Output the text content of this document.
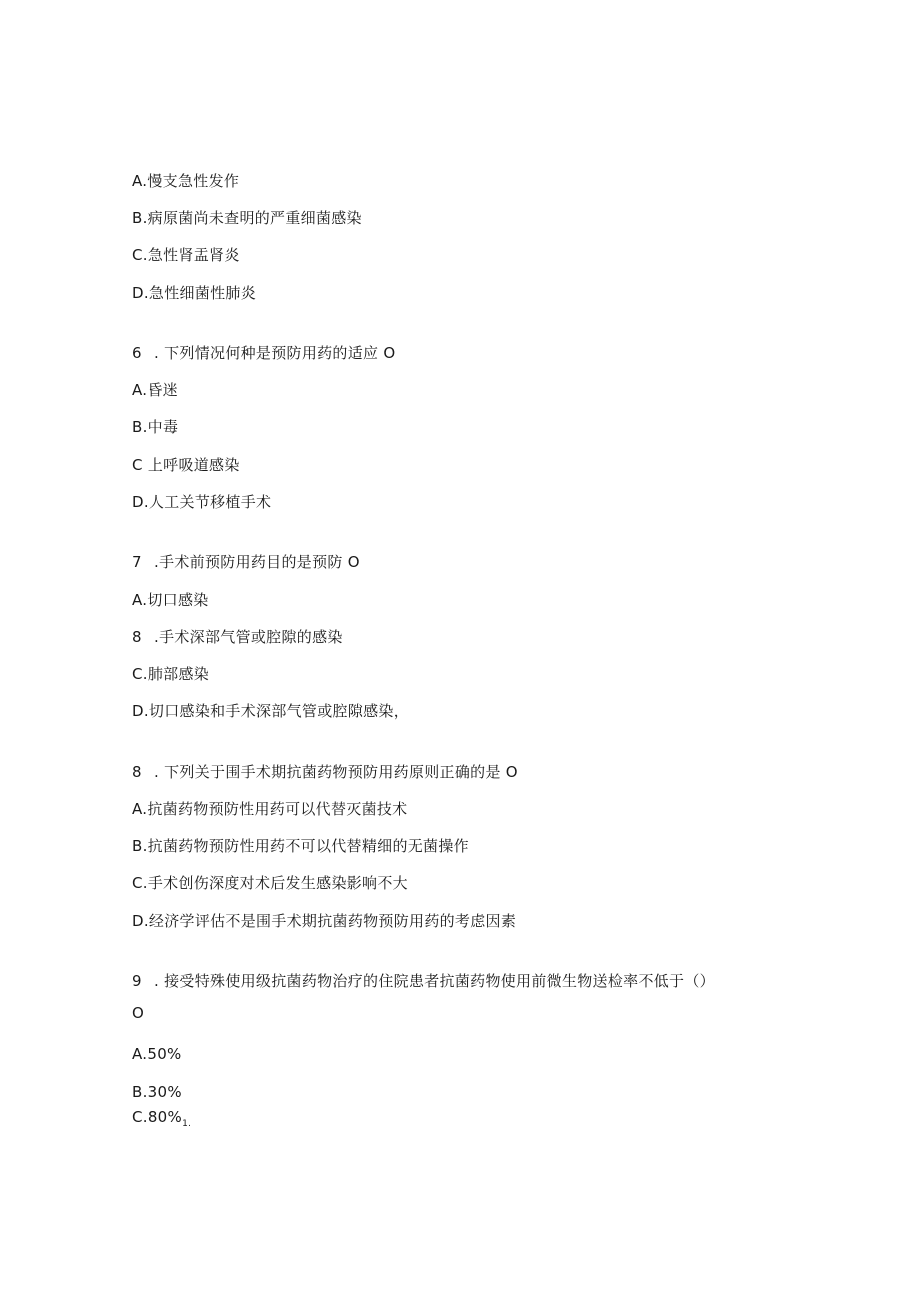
A.慢支急性发作
B.病原菌尚未查明的严重细菌感染
C.急性肾盂肾炎
D.急性细菌性肺炎
6 . 下列情况何种是预防用药的适应 O
A.昏迷
B.中毒
C 上呼吸道感染
D.人工关节移植手术
7 .手术前预防用药目的是预防 O
A.切口感染
8 .手术深部气管或腔隙的感染
C.肺部感染
D.切口感染和手术深部气管或腔隙感染，
8 . 下列关于围手术期抗菌药物预防用药原则正确的是 O
A.抗菌药物预防性用药可以代替灭菌技术
B.抗菌药物预防性用药不可以代替精细的无菌操作
C.手术创伤深度对术后发生感染影响不大
D.经济学评估不是围手术期抗菌药物预防用药的考虑因素
9 . 接受特殊使用级抗菌药物治疗的住院患者抗菌药物使用前微生物送检率不低于（）
O
A.50%
B.30%
$C.80\%_{1.}$
